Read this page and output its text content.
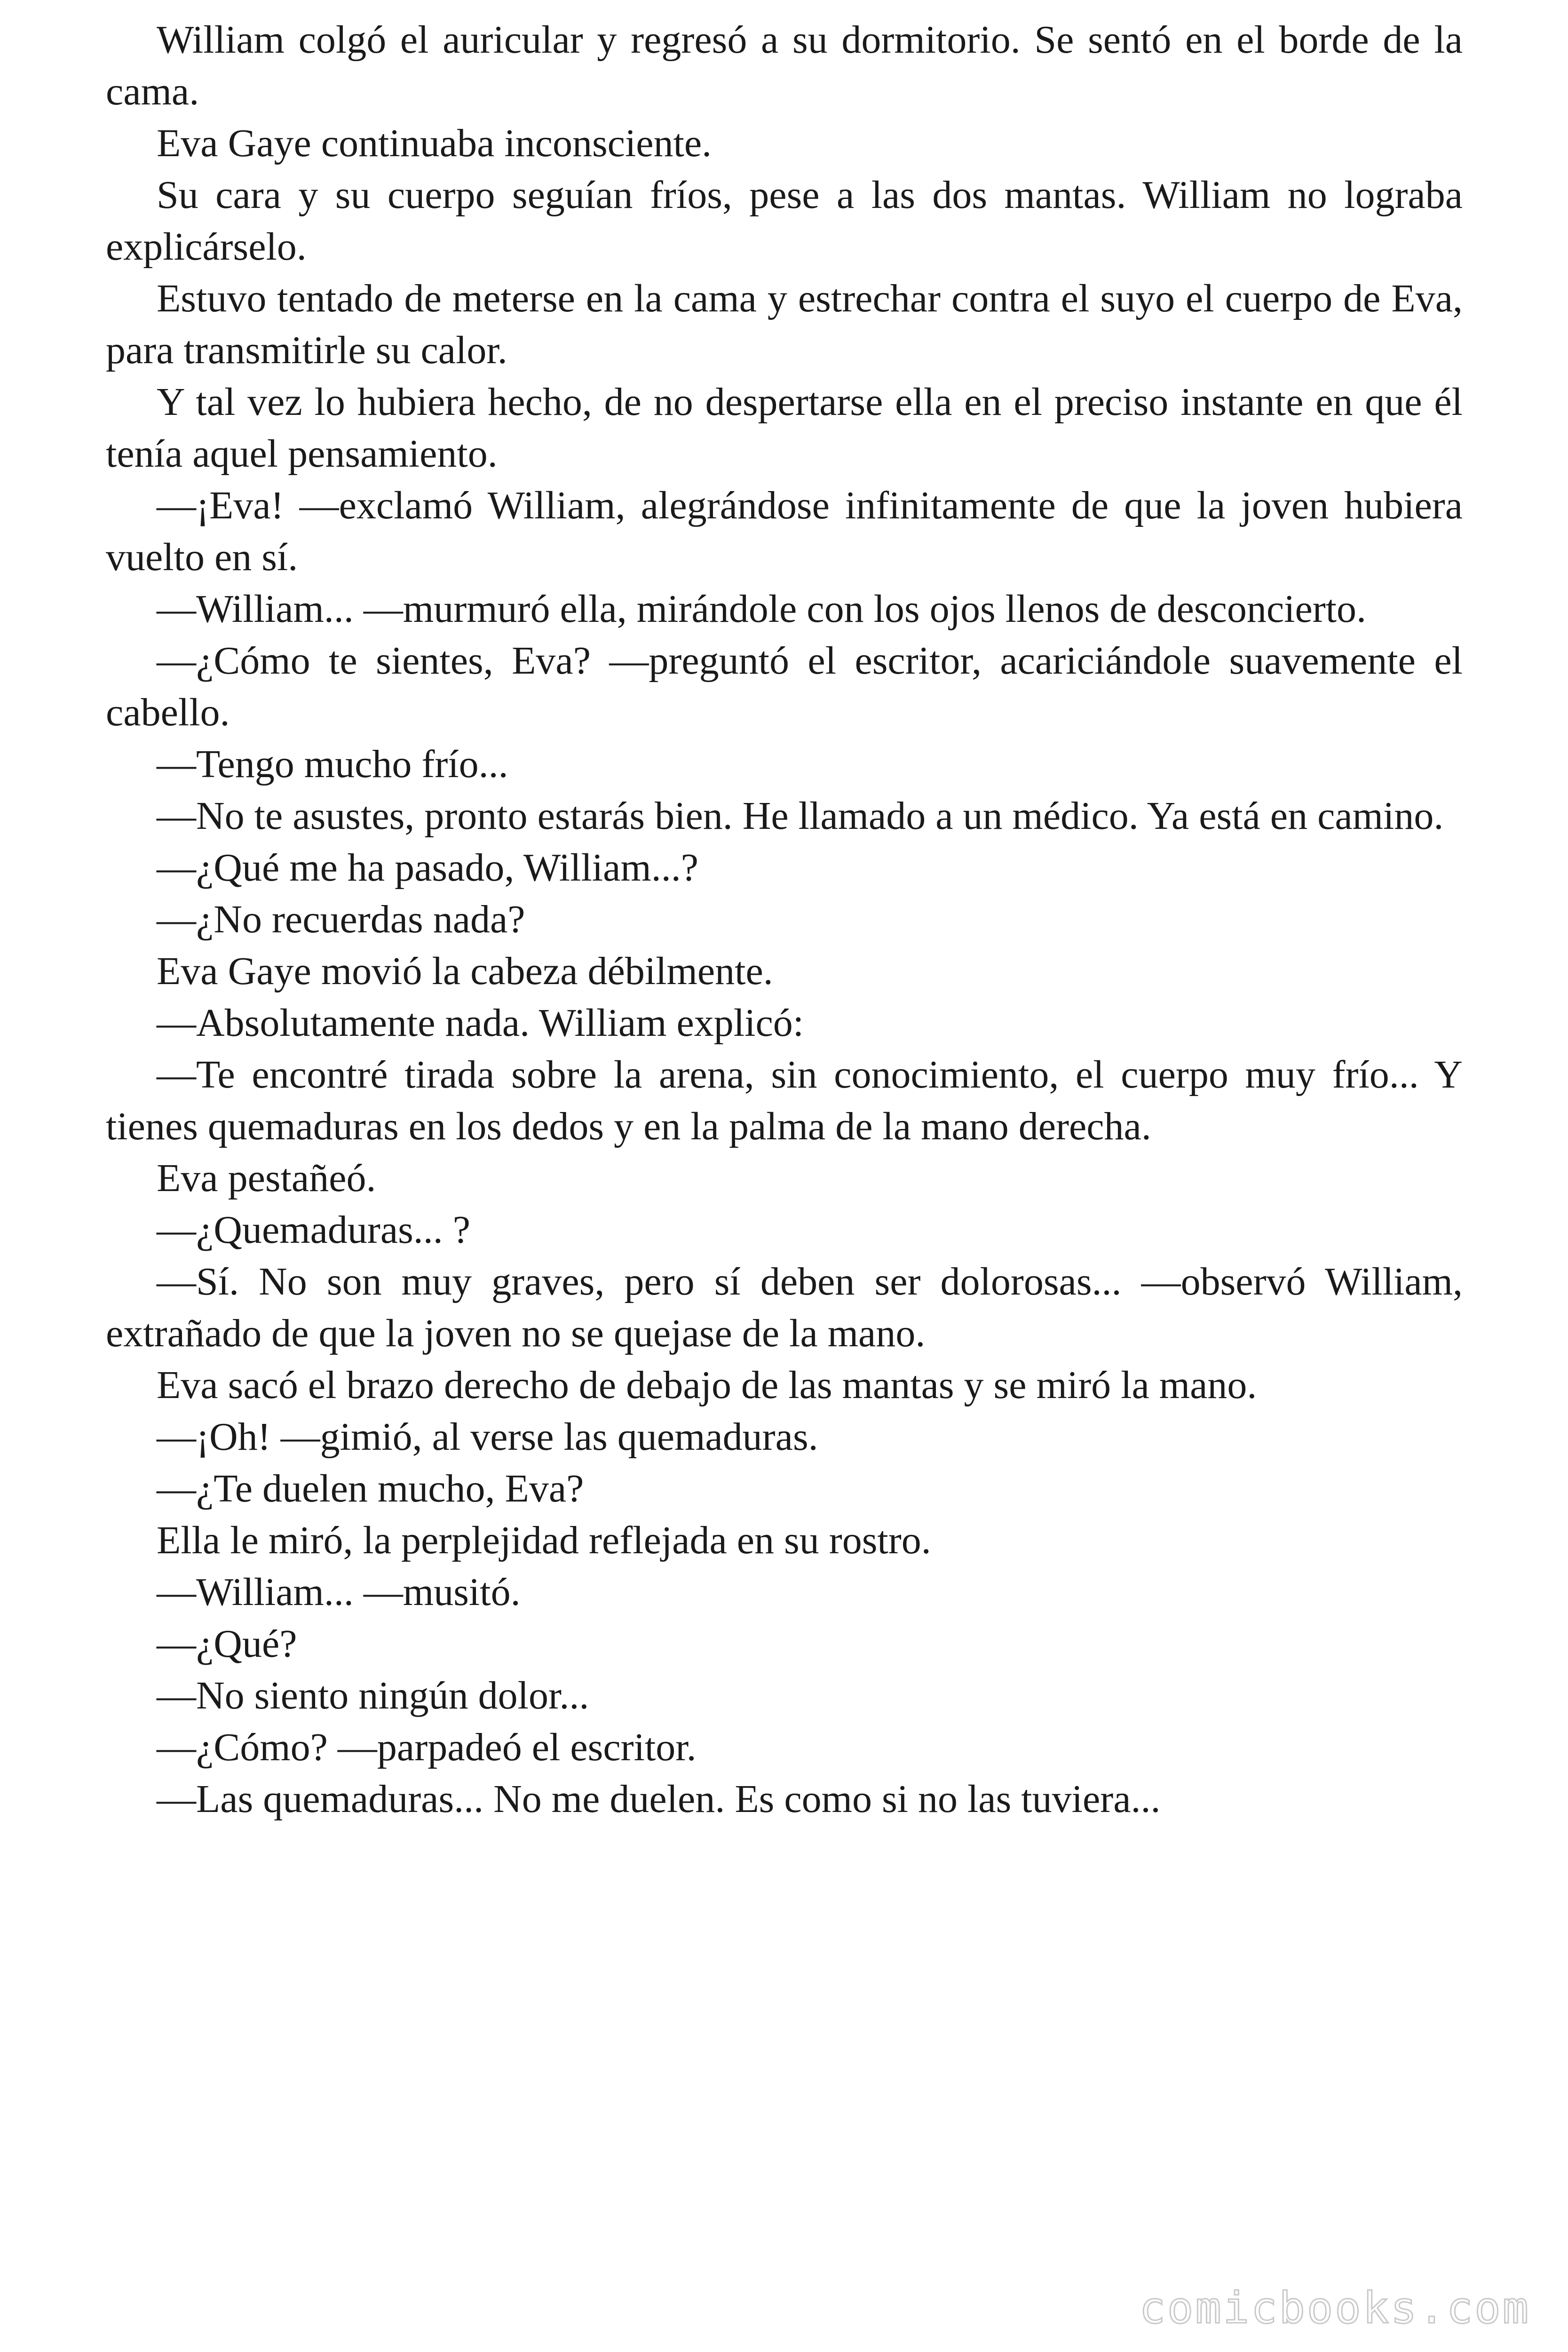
William colgó el auricular y regresó a su dormitorio. Se sentó en el borde de la cama.

Eva Gaye continuaba inconsciente.

Su cara y su cuerpo seguían fríos, pese a las dos mantas. William no lograba explicárselo.

Estuvo tentado de meterse en la cama y estrechar contra el suyo el cuerpo de Eva, para transmitirle su calor.

Y tal vez lo hubiera hecho, de no despertarse ella en el preciso instante en que él tenía aquel pensamiento.

—¡Eva! —exclamó William, alegrándose infinitamente de que la joven hubiera vuelto en sí.

—William... —murmuró ella, mirándole con los ojos llenos de desconcierto.

—¿Cómo te sientes, Eva? —preguntó el escritor, acariciándole suavemente el cabello.

—Tengo mucho frío...

—No te asustes, pronto estarás bien. He llamado a un médico. Ya está en camino.

—¿Qué me ha pasado, William...?

—¿No recuerdas nada?

Eva Gaye movió la cabeza débilmente.

—Absolutamente nada. William explicó:

—Te encontré tirada sobre la arena, sin conocimiento, el cuerpo muy frío... Y tienes quemaduras en los dedos y en la palma de la mano derecha.

Eva pestañeó.

—¿Quemaduras... ?

—Sí. No son muy graves, pero sí deben ser dolorosas... —observó William, extrañado de que la joven no se quejase de la mano.

Eva sacó el brazo derecho de debajo de las mantas y se miró la mano.

—¡Oh! —gimió, al verse las quemaduras.

—¿Te duelen mucho, Eva?

Ella le miró, la perplejidad reflejada en su rostro.

—William... —musitó.

—¿Qué?

—No siento ningún dolor...

—¿Cómo? —parpadeó el escritor.

—Las quemaduras... No me duelen. Es como si no las tuviera...

comicbooks.com
